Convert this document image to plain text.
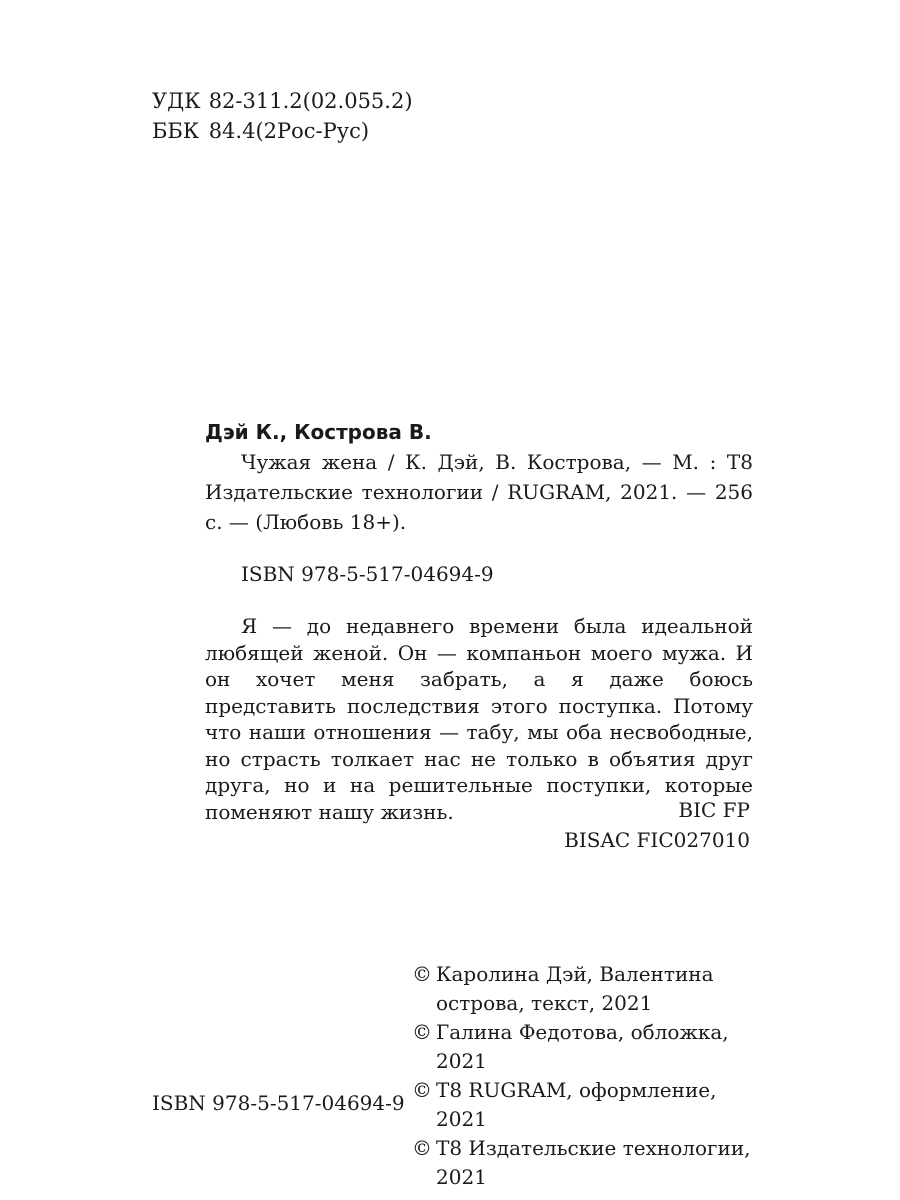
УДК 82-311.2(02.055.2)
ББК 84.4(2Рос-Рус)

Дэй К., Кострова В.

Чужая жена / К. Дэй, В. Кострова, — М. : Т8 Издательские технологии / RUGRAM, 2021. — 256 с. — (Любовь 18+).

ISBN 978-5-517-04694-9

Я — до недавнего времени была идеальной любящей женой. Он — компаньон моего мужа. И он хочет меня забрать, а я даже боюсь представить последствия этого поступка. Потому что наши отношения — табу, мы оба несвободные, но страсть толкает нас не только в объятия друг друга, но и на решительные поступки, которые поменяют нашу жизнь.	BIC FP
BISAC FIC027010
© Каролина Дэй, Валентина острова, текст, 2021
© Галина Федотова, обложка, 2021
© Т8 RUGRAM, оформление, 2021
© Т8 Издательские технологии, 2021
ISBN 978-5-517-04694-9
